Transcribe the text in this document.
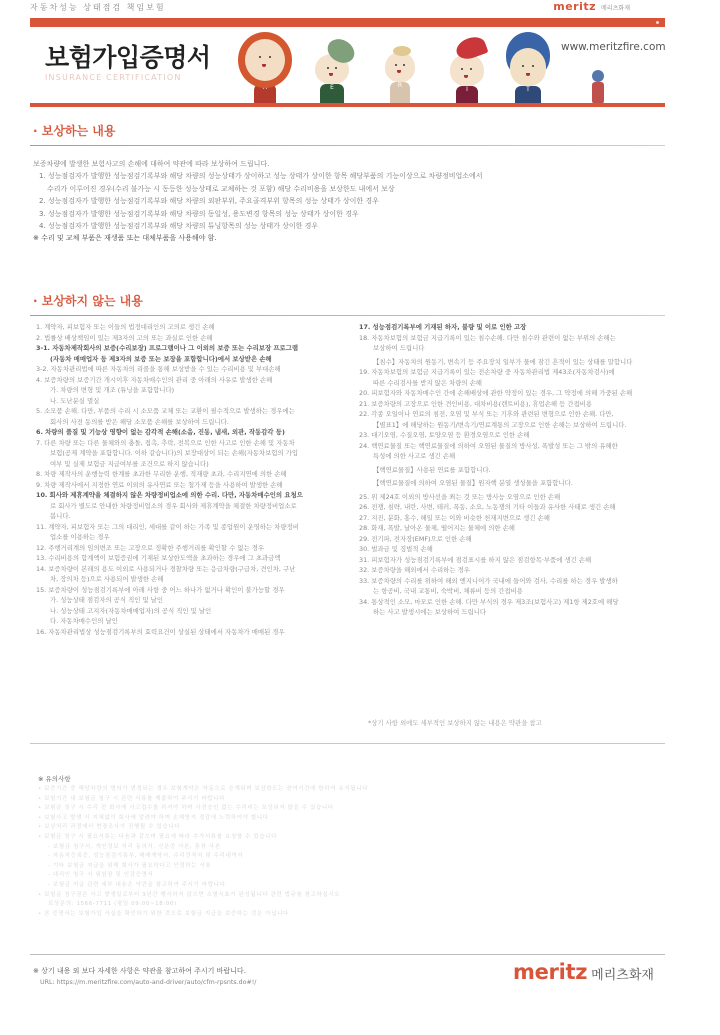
자동차성능 상태점검 책임보험	meritz 메리츠화재
보험가입증명서
INSURANCE CERTIFICATION
www.meritzfire.com
M	E	R
I	T
· 보상하는 내용
보증차량에 발생한 보험사고의 손해에 대하여 약관에 따라 보상하여 드립니다.
1. 성능점검자가 발행한 성능점검기록부와 해당 차량의 성능상태가 상이하고 성능 상태가 상이한 항목 해당부품의 기능이상으로 차량정비업소에서
수리가 이루어진 경우(수리 불가능 시 동등한 성능상태로 교체하는 것 포함) 해당 수리비용을 보상한도 내에서 보상
2. 성능점검자가 발행한 성능점검기록부와 해당 차량의 외판부위, 주요골격부위 항목의 성능 상태가 상이한 경우
3. 성능점검자가 발행한 성능점검기록부와 해당 차량의 동일성, 용도변경 항목의 성능 상태가 상이한 경우
4. 성능점검자가 발행한 성능점검기록부와 해당 차량의 튜닝항목의 성능 상태가 상이한 경우
※ 수리 및 교체 부품은 재생품 또는 대체부품을 사용해야 함.
· 보상하지 않는 내용
1. 계약자, 피보험자 또는 이들의 법정대리인의 고의로 생긴 손해
2. 법률상 배상책임이 있는 제3자의 고의 또는 과실로 인한 손해
3-1. 자동차제작회사의 보증(수리보장) 프로그램이나 그 이외의 보증 또는 수리보장 프로그램
(자동차 매매업자 등 제3자의 보증 또는 보장을 포함합니다)에서 보상받은 손해
3-2. 자동차관리법에 따른 자동차의 리콜을 통해 보상받을 수 있는 수리비용 및 부대손해
4. 보증차량의 보증기간 개시이후 자동차매수인의 관리 중 아래의 사유로 발생한 손해
가. 차량의 변형 및 개조 (튜닝을 포함합니다)
나. 도난분실 멸실
5. 소모품 손해. 다만, 부품의 수리 시 소모품 교체 또는 교환이 필수적으로 발생하는 경우에는
회사의 사전 동의를 받은 해당 소모품 손해를 보상하여 드립니다.
6. 차량의 품질 및 기능상 영향이 없는 감각적 손해(소음, 진동, 냄새, 외관, 작동감각 등)
7. 다른 차량 또는 다른 물체와의 충돌, 접촉, 추락, 전복으로 인한 사고로 인한 손해 및 자동차
보험(공제 계약을 포함합니다. 이하 같습니다)의 보장대상이 되는 손해(자동차보험의 가입
여부 및 실제 보험금 지급여부를 조건으로 하지 않습니다)
8. 차량 제작사의 운행능력 한계를 초과한 무리한 운행, 적재량 초과, 수리지연에 의한 손해
9. 차량 제작사에서 지정한 연료 이외의 유사연료 또는 첨가제 등을 사용하여 발생한 손해
10. 회사와 제휴계약을 체결하지 않은 차량정비업소에 의한 수리. 다만, 자동차매수인의 요청으
로 회사가 별도로 안내한 차량정비업소의 경우 회사와 제휴계약을 체결한 차량정비업소로
봅니다.
11. 계약자, 피보험자 또는 그의 대리인, 세대를 같이 하는 가족 및 종업원이 운영하는 차량정비
업소를 이용하는 경우
12. 주행거리계의 임의변조 또는 고장으로 정확한 주행거리를 확인할 수 없는 경우
13. 수리비용의 합계액이 보험증권에 기재된 보상한도액을 초과하는 경우에 그 초과금액
14. 보증차량이 본래의 용도 이외로 사용되거나 경찰차량 또는 응급차량(구급차, 견인차, 구난
차, 장의차 등)으로 사용되어 발생한 손해
15. 보증차량이 성능점검기록부에 아래 사항 중 어느 하나가 없거나 확인이 불가능할 경우
가. 성능상태 점검자의 공식 직인 및 날인
나. 성능상태 고지자(자동차매매업자)의 공식 직인 및 날인
다. 자동차매수인의 날인
16. 자동차관리법상 성능점검기록부의 효력요건이 상실된 상태에서 자동차가 매매된 경우
17. 성능점검기록부에 기재된 하자, 불량 및 이로 인한 고장
18. 자동차보험의 보험금 지급기록이 있는 침수손해. 다만 침수와 관련이 없는 부위의 손해는
보상하여 드립니다
【침수】자동차의 원동기, 변속기 등 주요장치 일부가 물에 잠긴 흔적이 있는 상태를 말합니다
19. 자동차보험의 보험금 지급기록이 있는 전손차량 중 자동차관리법 제43조(자동차검사)에
따른 수리검사를 받지 않은 차량의 손해
20. 피보험자와 자동차매수인 간에 손해배상에 관한 약정이 있는 경우, 그 약정에 의해 가중된 손해
21. 보증차량의 고장으로 인한 견인비용, 대차비용(렌트비용), 휴업손해 등 간접비용
22. 각종 오일이나 연료의 침전, 오염 및 부식 또는 기후와 관련된 변형으로 인한 손해. 다만,
【별표1】에 해당하는 원동기/변속기/연료계통의 고장으로 인한 손해는 보상하여 드립니다.
23. 대기오염, 수질오염, 토양오염 등 환경오염으로 인한 손해
24. 핵연료물질 또는 핵연료물질에 의하여 오염된 물질의 방사성, 폭발성 또는 그 밖의 유해한
특성에 의한 사고로 생긴 손해
【핵연료물질】사용된 연료를 포함합니다.
【핵연료물질에 의하여 오염된 물질】원자핵 분열 생성물을 포함합니다.
25. 위 제24호 이외의 방사선을 쬐는 것 또는 방사능 오염으로 인한 손해
26. 전쟁, 침략, 내란, 사변, 테러, 폭동, 소요, 노동쟁의 기타 이들과 유사한 사태로 생긴 손해
27. 지진, 분화, 홍수, 해일 또는 이와 비슷한 천재지변으로 생긴 손해
28. 화재, 폭발, 날아온 물체, 떨어지는 물체에 의한 손해
29. 전기파, 전자장(EMF)으로 인한 손해
30. 벌과금 및 징벌적 손해
31. 피보험자가 성능점검기록부에 점검표시를 하지 않은 점검항목·부품에 생긴 손해
32. 보증차량을 해외에서 수리하는 경우
33. 보증차량의 수리를 위하여 해외 엔지니어가 국내에 들어와 검사, 수리를 하는 경우 발생하
는 항공비, 국내 교통비, 숙박비, 체류비 등의 간접비용
34. 통상적인 소모, 마모로 인한 손해. 다만 부식의 경우 제3조(보험사고) 제1항 제2호에 해당
하는 사고 발생시에는 보상하여 드립니다
*상기 사항 외에도 세부적인 보상하지 않는 내용은 약관을 참고
※ 유의사항
• 보증기간 중 해당차량의 명의가 변경되는 경우 보험계약은 자동으로 승계되며 보상한도는 잔여기간에 한하여 유지됩니다
• 보험기간 내 보험금 청구 시 관련 서류를 제출하여 주시기 바랍니다
• 보험금 청구 시 수리 전 회사에 사고접수를 하셔야 하며 사전승인 없는 수리비는 보상되지 않을 수 있습니다
• 보험사고 발생 시 지체없이 회사에 알려야 하며 손해방지 경감에 노력하여야 합니다
• 보상처리 과정에서 현장조사가 진행될 수 있습니다
• 보험금 청구 시 필요서류는 다음과 같으며 필요에 따라 추가서류를 요청할 수 있습니다
- 보험금 청구서, 개인정보 처리 동의서, 신분증 사본, 통장 사본
- 자동차등록증, 성능점검기록부, 매매계약서, 수리견적서 및 수리내역서
- 기타 보험금 지급을 위해 회사가 필요하다고 인정하는 서류
- 대리인 청구 시 위임장 및 인감증명서
- 보험금 지급 관련 세부 내용은 약관을 참고하여 주시기 바랍니다
• 보험금 청구권은 사고 발생일로부터 3년간 행사하지 않으면 소멸시효가 완성됩니다 관련 법규를 참고하십시오
보상문의: 1566-7711 (평일 09:00~18:00)
• 본 증명서는 보험가입 사실을 확인하기 위한 것으로 보험금 지급을 보증하는 것은 아닙니다
※ 상기 내용 외 보다 자세한 사항은 약관을 참고하여 주시기 바랍니다.
URL: https://m.meritzfire.com/auto-and-driver/auto/cfm-rpsnts.do#!/	meritz 메리츠화재
